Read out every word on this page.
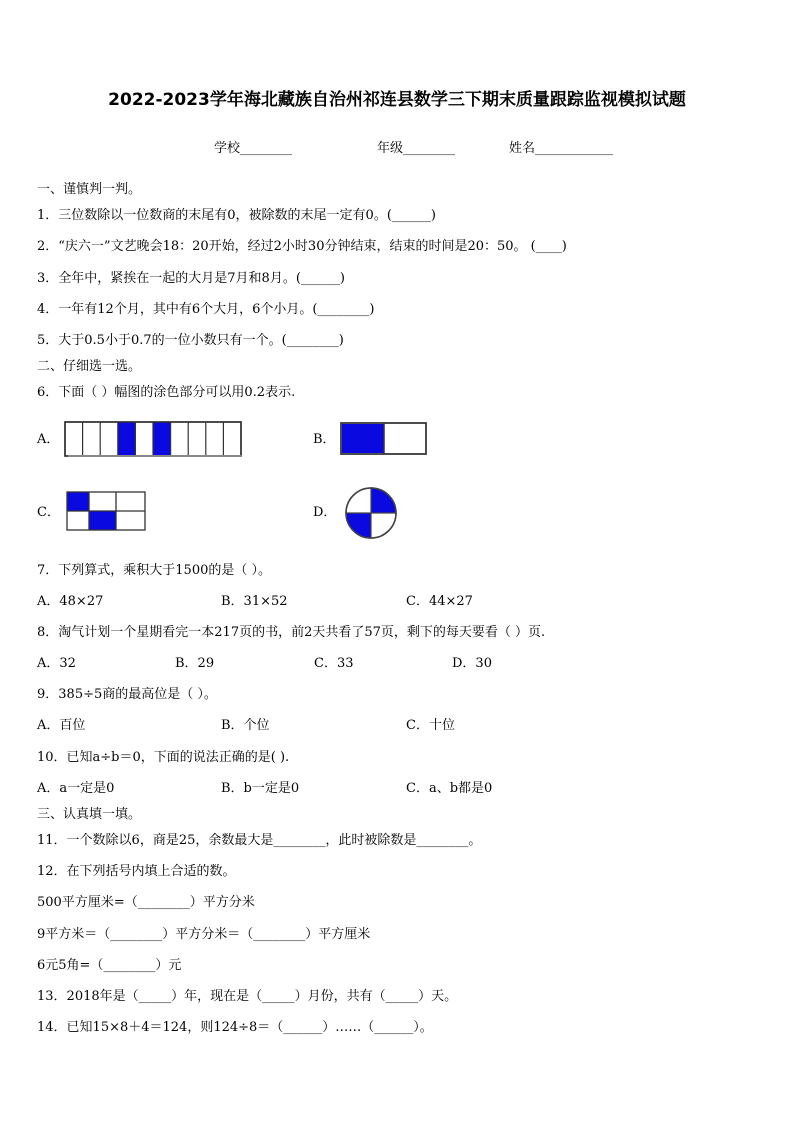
2022-2023学年海北藏族自治州祁连县数学三下期末质量跟踪监视模拟试题
学校________	年级________	姓名____________
一、谨慎判一判。
1．三位数除以一位数商的末尾有0，被除数的末尾一定有0。(______)
2．“庆六一”文艺晚会18：20开始，经过2小时30分钟结束，结束的时间是20：50。 (____)
3．全年中，紧挨在一起的大月是7月和8月。(______)
4．一年有12个月，其中有6个大月，6个小月。(________)
5．大于0.5小于0.7的一位小数只有一个。(________)
二、仔细选一选。
6．下面（ ）幅图的涂色部分可以用0.2表示.
A．	B．
C．	D．
7．下列算式，乘积大于1500的是（ ）。
A．48×27	B．31×52	C．44×27
8．淘气计划一个星期看完一本217页的书，前2天共看了57页，剩下的每天要看（ ）页.
A．32	B．29	C．33	D．30
9．385÷5商的最高位是（ ）。
A．百位	B．个位	C．十位
10．已知a÷b＝0，下面的说法正确的是( ).
A．a一定是0	B．b一定是0	C．a、b都是0
三、认真填一填。
11．一个数除以6，商是25，余数最大是________，此时被除数是________。
12．在下列括号内填上合适的数。
500平方厘米=（________）平方分米
9平方米＝（________）平方分米＝（________）平方厘米
6元5角=（________）元
13．2018年是（_____）年，现在是（_____）月份，共有（_____）天。
14．已知15×8＋4＝124，则124÷8＝（______）……（______）。
